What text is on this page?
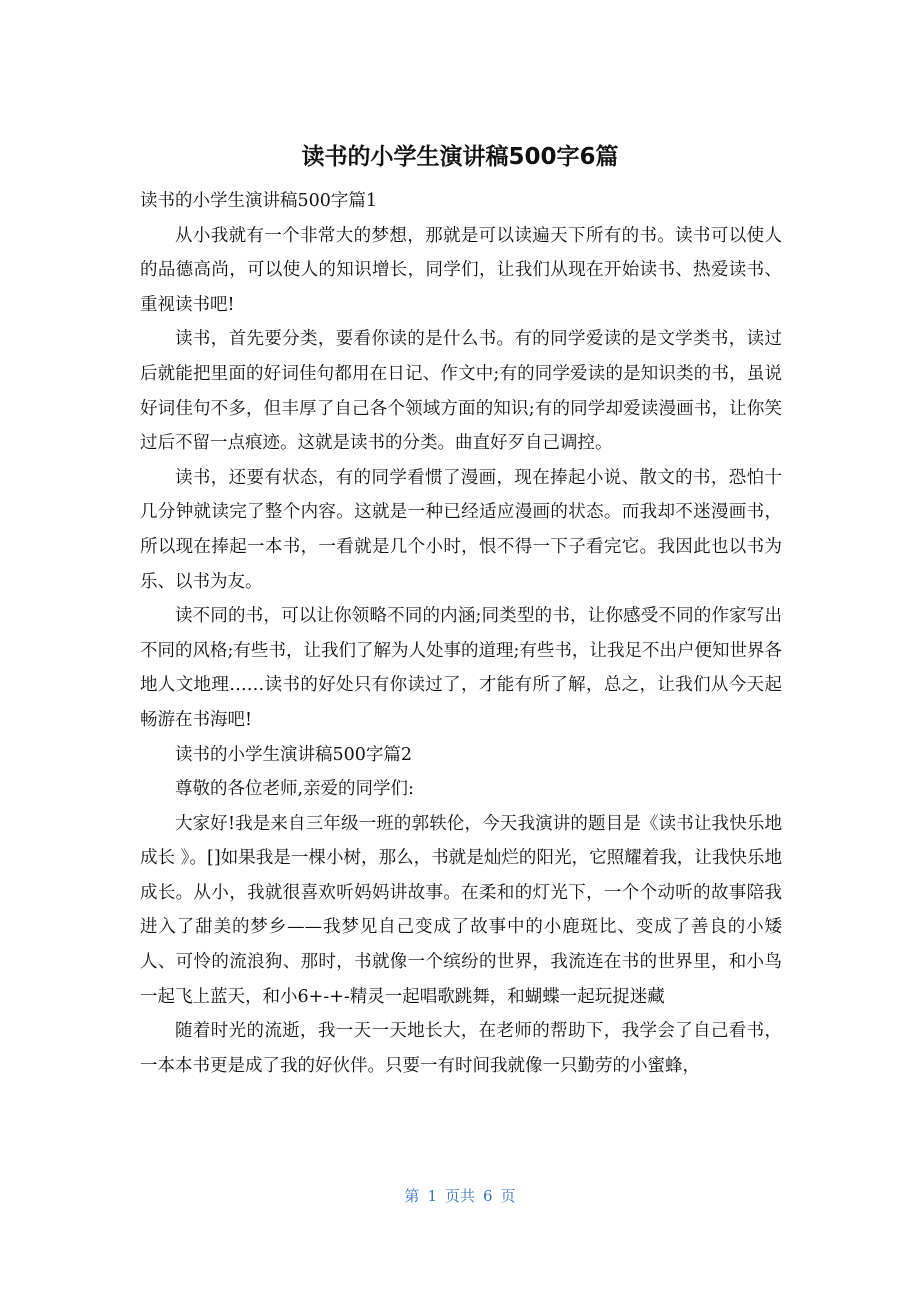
读书的小学生演讲稿500字6篇

读书的小学生演讲稿500字篇1

从小我就有一个非常大的梦想，那就是可以读遍天下所有的书。读书可以使人的品德高尚，可以使人的知识增长，同学们，让我们从现在开始读书、热爱读书、重视读书吧!

读书，首先要分类，要看你读的是什么书。有的同学爱读的是文学类书，读过后就能把里面的好词佳句都用在日记、作文中;有的同学爱读的是知识类的书，虽说好词佳句不多，但丰厚了自己各个领域方面的知识;有的同学却爱读漫画书，让你笑过后不留一点痕迹。这就是读书的分类。曲直好歹自己调控。

读书，还要有状态，有的同学看惯了漫画，现在捧起小说、散文的书，恐怕十几分钟就读完了整个内容。这就是一种已经适应漫画的状态。而我却不迷漫画书，所以现在捧起一本书，一看就是几个小时，恨不得一下子看完它。我因此也以书为乐、以书为友。

读不同的书，可以让你领略不同的内涵;同类型的书，让你感受不同的作家写出不同的风格;有些书，让我们了解为人处事的道理;有些书，让我足不出户便知世界各地人文地理……读书的好处只有你读过了，才能有所了解，总之，让我们从今天起畅游在书海吧!

读书的小学生演讲稿500字篇2

尊敬的各位老师,亲爱的同学们:

大家好!我是来自三年级一班的郭轶伦，今天我演讲的题目是《读书让我快乐地成长 》。[]如果我是一棵小树，那么，书就是灿烂的阳光，它照耀着我，让我快乐地成长。从小，我就很喜欢听妈妈讲故事。在柔和的灯光下，一个个动听的故事陪我进入了甜美的梦乡——我梦见自己变成了故事中的小鹿斑比、变成了善良的小矮人、可怜的流浪狗、那时，书就像一个缤纷的世界，我流连在书的世界里，和小鸟一起飞上蓝天，和小6+-+-精灵一起唱歌跳舞，和蝴蝶一起玩捉迷藏

随着时光的流逝，我一天一天地长大，在老师的帮助下，我学会了自己看书，一本本书更是成了我的好伙伴。只要一有时间我就像一只勤劳的小蜜蜂，

第 1 页共 6 页
